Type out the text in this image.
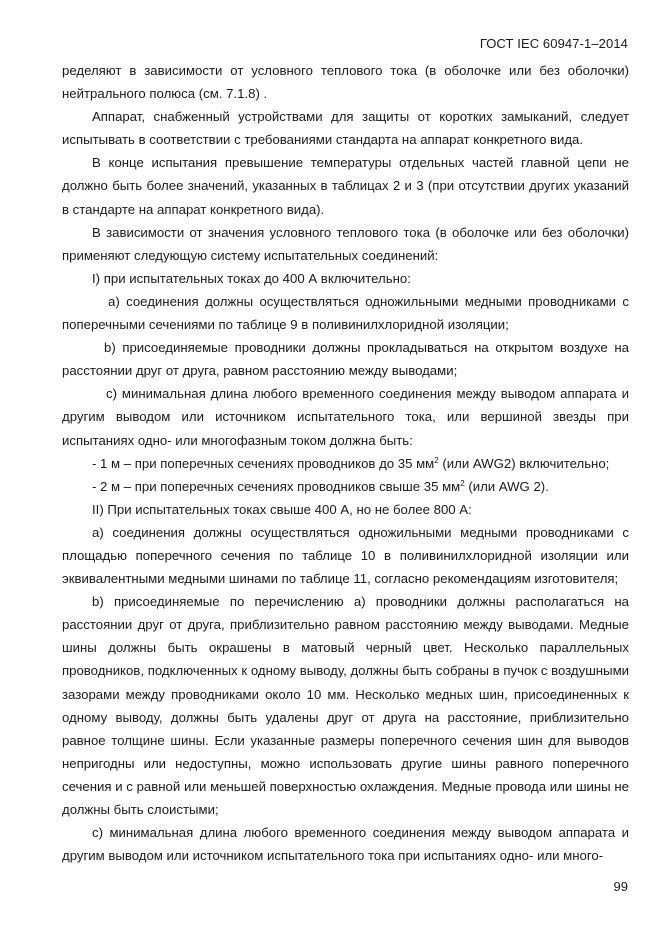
ГОСТ IEC 60947-1–2014

ределяют в зависимости от условного теплового тока (в оболочке или без оболочки) нейтрального полюса (см. 7.1.8) .

Аппарат, снабженный устройствами для защиты от коротких замыканий, следует испытывать в соответствии с требованиями стандарта на аппарат конкретного вида.

В конце испытания превышение температуры отдельных частей главной цепи не должно быть более значений, указанных в таблицах 2 и 3 (при отсутствии других указаний в стандарте на аппарат конкретного вида).

В зависимости от значения условного теплового тока (в оболочке или без оболочки) применяют следующую систему испытательных соединений:

I) при испытательных токах до 400 А включительно:

а) соединения должны осуществляться одножильными медными проводниками с поперечными сечениями по таблице 9 в поливинилхлоридной изоляции;

b) присоединяемые проводники должны прокладываться на открытом воздухе на расстоянии друг от друга, равном расстоянию между выводами;

с) минимальная длина любого временного соединения между выводом аппарата и другим выводом или источником испытательного тока, или вершиной звезды при испытаниях одно- или многофазным током должна быть:

- 1 м – при поперечных сечениях проводников до 35 $мм^2$ (или AWG2) включительно;

- 2 м – при поперечных сечениях проводников свыше 35 $мм^2$ (или AWG 2).

II) При испытательных токах свыше 400 А, но не более 800 А:

а) соединения должны осуществляться одножильными медными проводниками с площадью поперечного сечения по таблице 10 в поливинилхлоридной изоляции или эквивалентными медными шинами по таблице 11, согласно рекомендациям изготовителя;

b) присоединяемые по перечислению а) проводники должны располагаться на расстоянии друг от друга, приблизительно равном расстоянию между выводами. Медные шины должны быть окрашены в матовый черный цвет. Несколько параллельных проводников, подключенных к одному выводу, должны быть собраны в пучок с воздушными зазорами между проводниками около 10 мм. Несколько медных шин, присоединенных к одному выводу, должны быть удалены друг от друга на расстояние, приблизительно равное толщине шины. Если указанные размеры поперечного сечения шин для выводов непригодны или недоступны, можно использовать другие шины равного поперечного сечения и с равной или меньшей поверхностью охлаждения. Медные провода или шины не должны быть слоистыми;

с) минимальная длина любого временного соединения между выводом аппарата и другим выводом или источником испытательного тока при испытаниях одно- или много-

99
